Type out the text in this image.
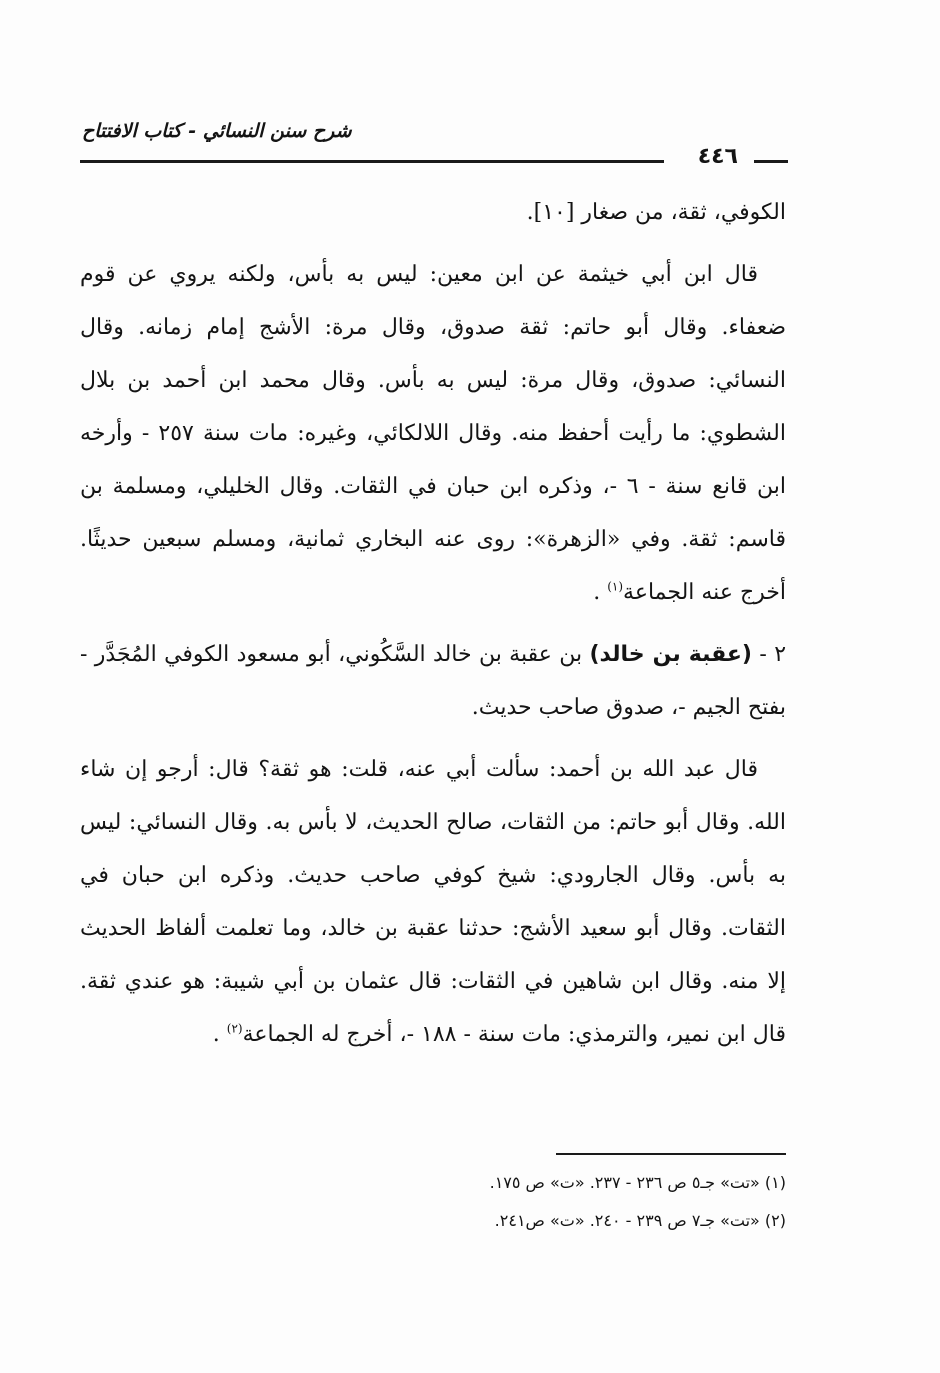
شرح سنن النسائي - كتاب الافتتاح
٤٤٦

الكوفي، ثقة، من صغار [١٠].

قال ابن أبي خيثمة عن ابن معين: ليس به بأس، ولكنه يروي عن قوم ضعفاء. وقال أبو حاتم: ثقة صدوق، وقال مرة: الأشج إمام زمانه. وقال النسائي: صدوق، وقال مرة: ليس به بأس. وقال محمد ابن أحمد بن بلال الشطوي: ما رأيت أحفظ منه. وقال اللالكائي، وغيره: مات سنة ٢٥٧ - وأرخه ابن قانع سنة - ٦ -، وذكره ابن حبان في الثقات. وقال الخليلي، ومسلمة بن قاسم: ثقة. وفي «الزهرة»: روى عنه البخاري ثمانية، ومسلم سبعين حديثًا. أخرج عنه الجماعة$^{(١)}$ .

٢ - (عقبة بن خالد) بن عقبة بن خالد السَّكُوني، أبو مسعود الكوفي المُجَدَّر - بفتح الجيم -، صدوق صاحب حديث.

قال عبد الله بن أحمد: سألت أبي عنه، قلت: هو ثقة؟ قال: أرجو إن شاء الله. وقال أبو حاتم: من الثقات، صالح الحديث، لا بأس به. وقال النسائي: ليس به بأس. وقال الجارودي: شيخ كوفي صاحب حديث. وذكره ابن حبان في الثقات. وقال أبو سعيد الأشج: حدثنا عقبة بن خالد، وما تعلمت ألفاظ الحديث إلا منه. وقال ابن شاهين في الثقات: قال عثمان بن أبي شيبة: هو عندي ثقة. قال ابن نمير، والترمذي: مات سنة - ١٨٨ -، أخرج له الجماعة$^{(٢)}$ .

(١) «تت» جـ٥ ص ٢٣٦ - ٢٣٧. «ت» ص ١٧٥.
(٢) «تت» جـ٧ ص ٢٣٩ - ٢٤٠. «ت» ص٢٤١.
